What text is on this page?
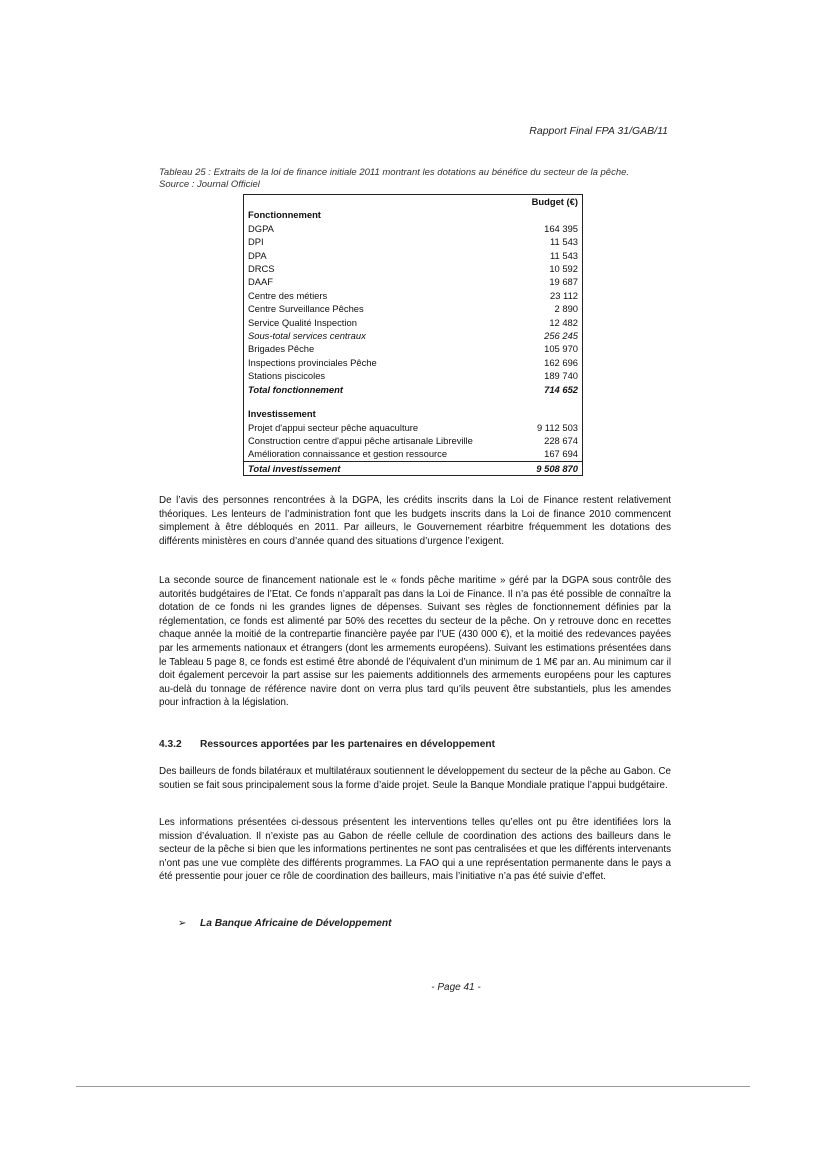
Rapport Final FPA 31/GAB/11
Tableau 25 : Extraits de la loi de finance initiale 2011 montrant les dotations au bénéfice du secteur de la pêche.
Source : Journal Officiel
	Budget (€)
Fonctionnement	
DGPA	164 395
DPI	11 543
DPA	11 543
DRCS	10 592
DAAF	19 687
Centre des métiers	23 112
Centre Surveillance Pêches	2 890
Service Qualité Inspection	12 482
Sous-total services centraux	256 245
Brigades Pêche	105 970
Inspections provinciales Pêche	162 696
Stations piscicoles	189 740
Total fonctionnement	714 652

Investissement	
Projet d'appui secteur pêche aquaculture	9 112 503
Construction centre d'appui pêche artisanale Libreville	228 674
Amélioration connaissance et gestion ressource	167 694
Total investissement	9 508 870

De l’avis des personnes rencontrées à la DGPA, les crédits inscrits dans la Loi de Finance restent relativement théoriques. Les lenteurs de l’administration font que les budgets inscrits dans la Loi de finance 2010 commencent simplement à être débloqués en 2011. Par ailleurs, le Gouvernement réarbitre fréquemment les dotations des différents ministères en cours d’année quand des situations d’urgence l’exigent.

La seconde source de financement nationale est le « fonds pêche maritime » géré par la DGPA sous contrôle des autorités budgétaires de l’Etat. Ce fonds n’apparaît pas dans la Loi de Finance. Il n’a pas été possible de connaître la dotation de ce fonds ni les grandes lignes de dépenses. Suivant ses règles de fonctionnement définies par la réglementation, ce fonds est alimenté par 50% des recettes du secteur de la pêche. On y retrouve donc en recettes chaque année la moitié de la contrepartie financière payée par l’UE (430 000 €), et la moitié des redevances payées par les armements nationaux et étrangers (dont les armements européens). Suivant les estimations présentées dans le Tableau 5 page 8, ce fonds est estimé être abondé de l’équivalent d’un minimum de 1 M€ par an. Au minimum car il doit également percevoir la part assise sur les paiements additionnels des armements européens pour les captures au-delà du tonnage de référence navire dont on verra plus tard qu’ils peuvent être substantiels, plus les amendes pour infraction à la législation.

4.3.2 Ressources apportées par les partenaires en développement

Des bailleurs de fonds bilatéraux et multilatéraux soutiennent le développement du secteur de la pêche au Gabon. Ce soutien se fait sous principalement sous la forme d’aide projet. Seule la Banque Mondiale pratique l’appui budgétaire.

Les informations présentées ci-dessous présentent les interventions telles qu’elles ont pu être identifiées lors la mission d’évaluation. Il n’existe pas au Gabon de réelle cellule de coordination des actions des bailleurs dans le secteur de la pêche si bien que les informations pertinentes ne sont pas centralisées et que les différents intervenants n’ont pas une vue complète des différents programmes. La FAO qui a une représentation permanente dans le pays a été pressentie pour jouer ce rôle de coordination des bailleurs, mais l’initiative n’a pas été suivie d’effet.

➢ La Banque Africaine de Développement
- Page 41 -
